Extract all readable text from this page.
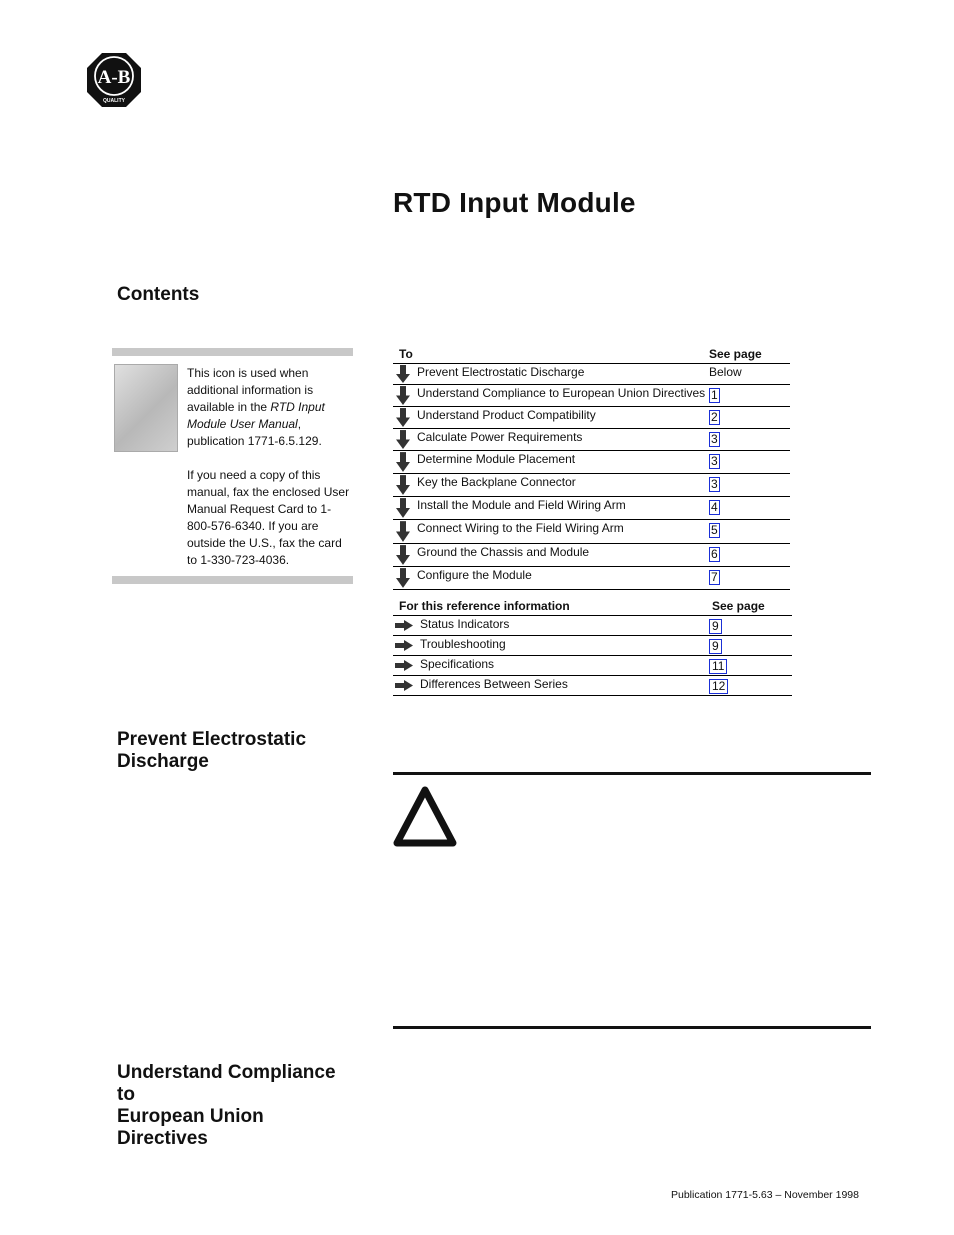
A-B
QUALITY
RTD Input Module
Contents

This icon is used when additional information is available in the RTD Input Module User Manual, publication 1771-6.5.129.

If you need a copy of this manual, fax the enclosed User Manual Request Card to 1-800-576-6340. If you are outside the U.S., fax the card to 1-330-723-4036.

To	See page
Prevent Electrostatic Discharge	Below
Understand Compliance to European Union Directives 1
Understand Product Compatibility	2
Calculate Power Requirements	3
Determine Module Placement	3
Key the Backplane Connector	3
Install the Module and Field Wiring Arm	4
Connect Wiring to the Field Wiring Arm	5
Ground the Chassis and Module	6
Configure the Module	7
For this reference information	See page
Status Indicators	9
Troubleshooting	9
Specifications	11
Differences Between Series	12
Prevent Electrostatic
Discharge
Understand Compliance to
European Union Directives
Publication 1771-5.63 – November 1998
